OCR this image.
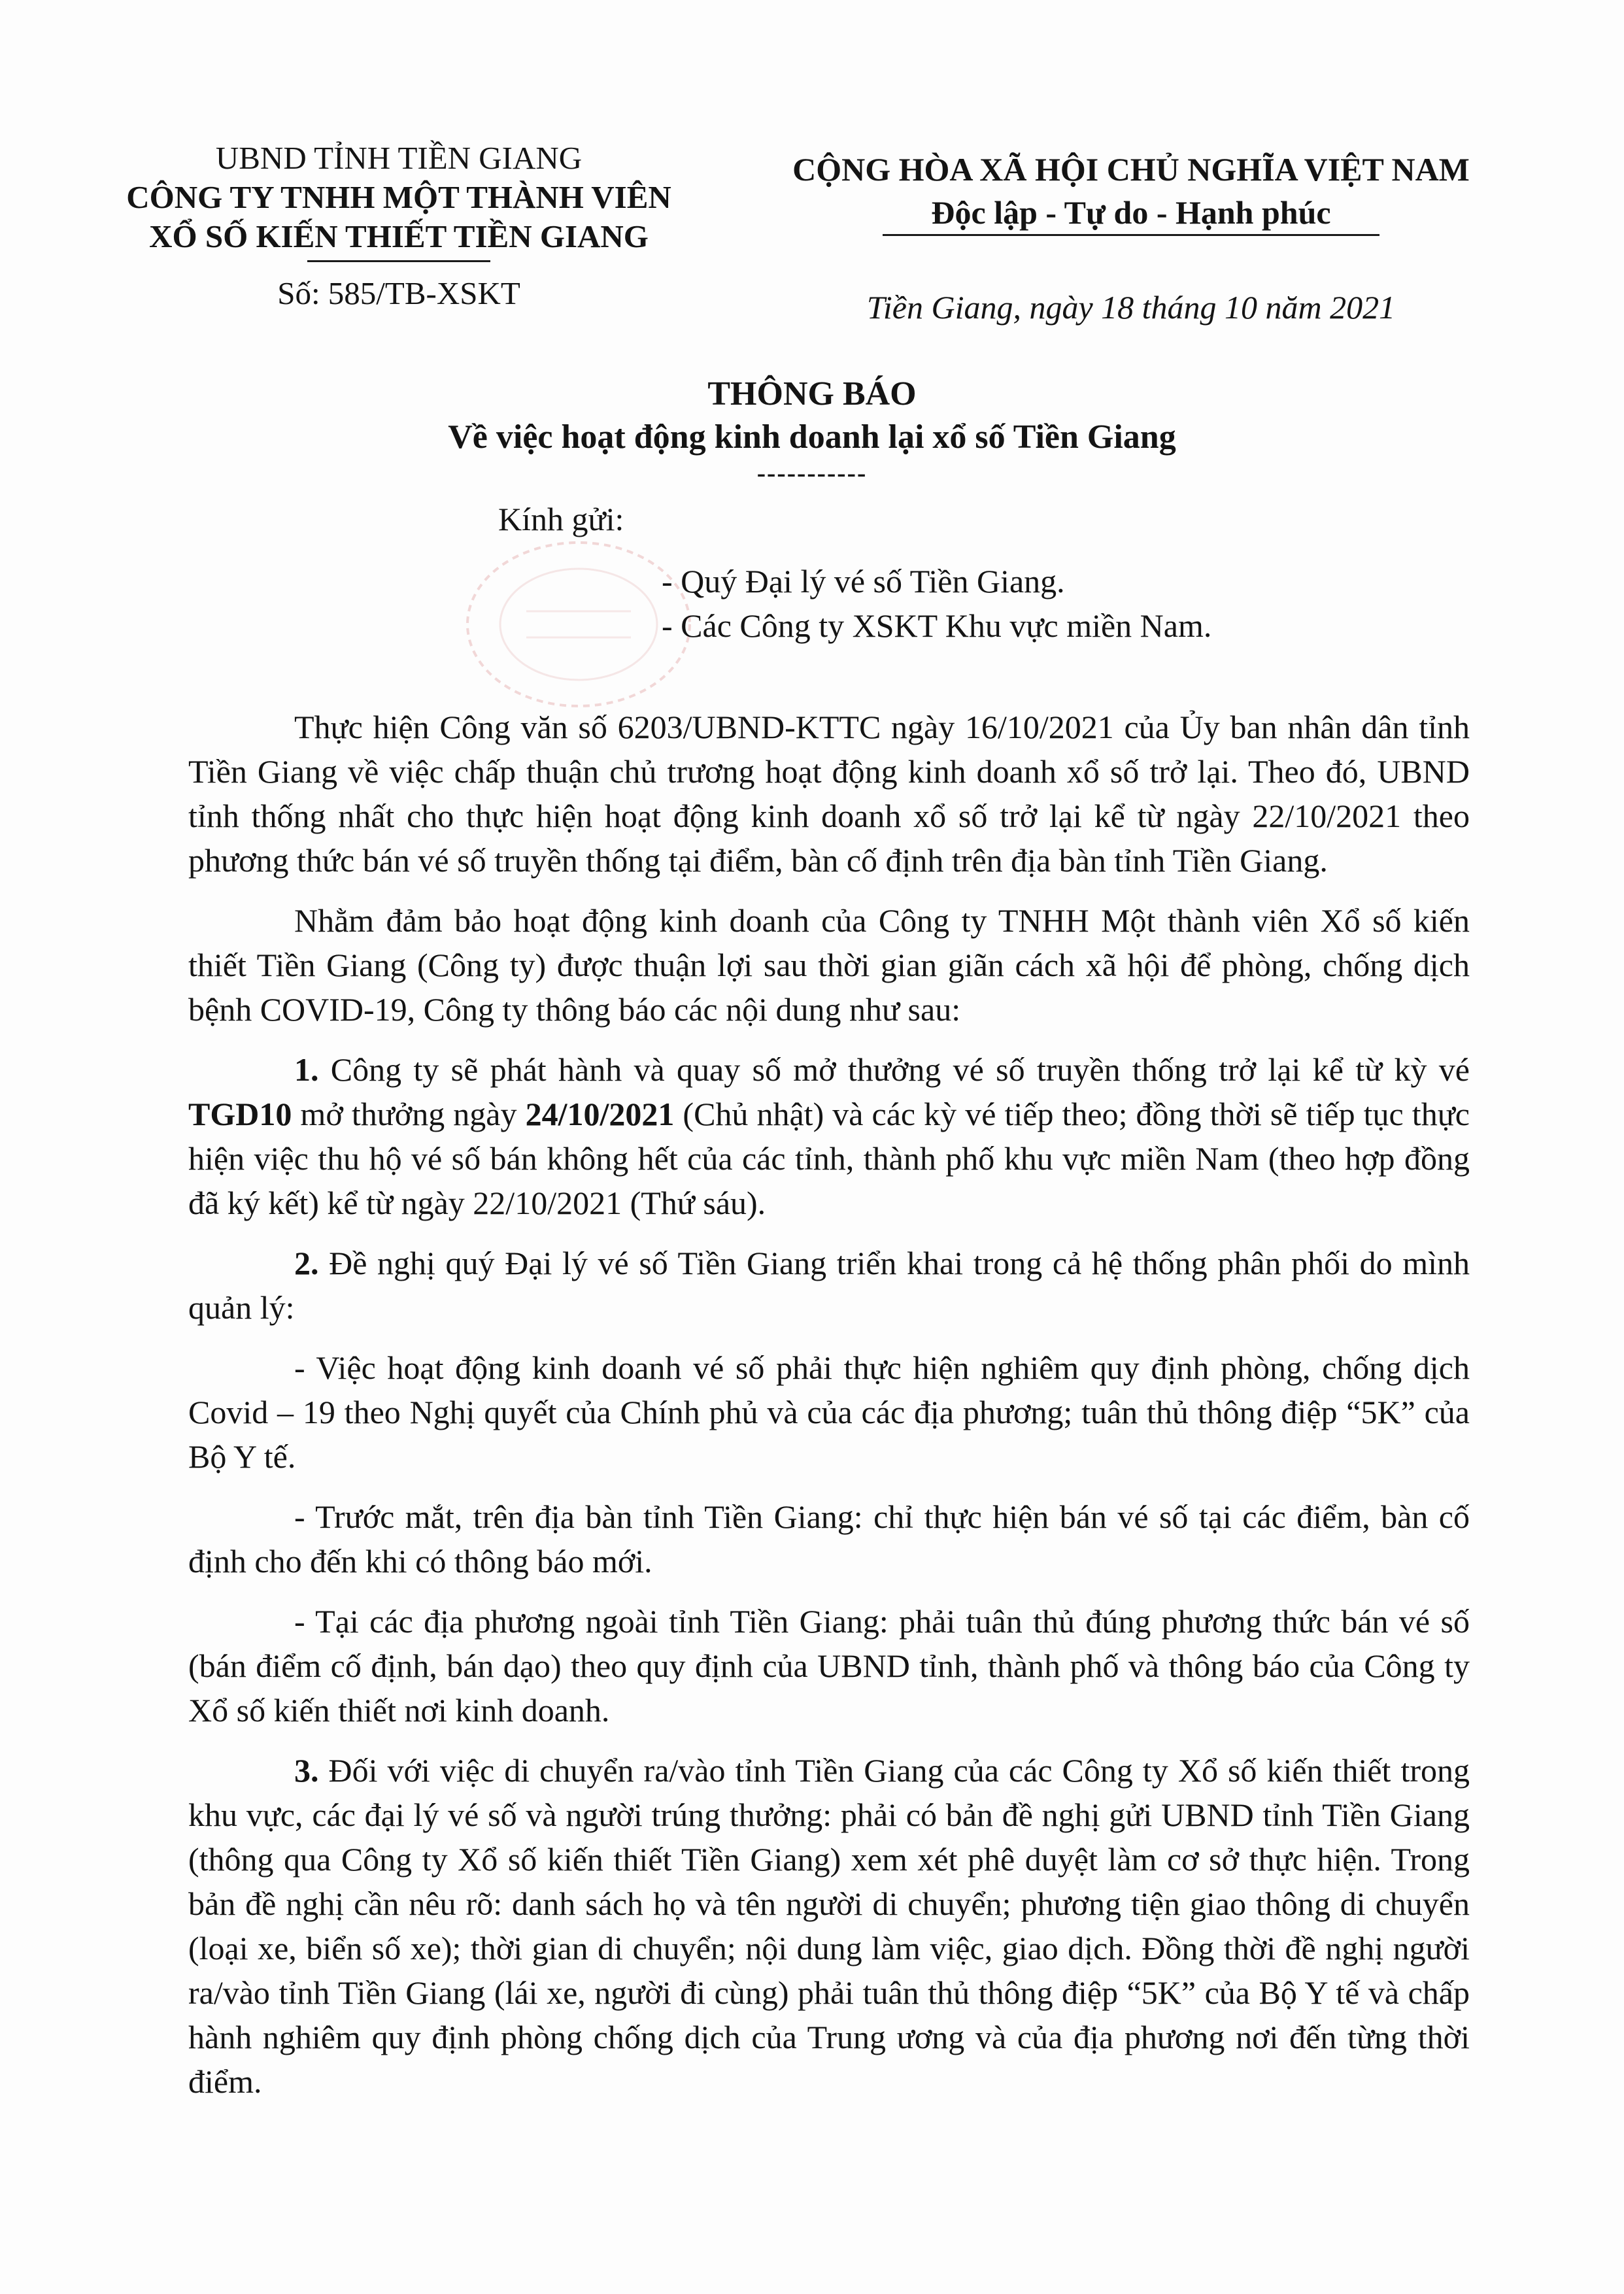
UBND TỈNH TIỀN GIANG
CÔNG TY TNHH MỘT THÀNH VIÊN
XỔ SỐ KIẾN THIẾT TIỀN GIANG
Số: 585/TB-XSKT
CỘNG HÒA XÃ HỘI CHỦ NGHĨA VIỆT NAM
Độc lập - Tự do - Hạnh phúc
Tiền Giang, ngày 18 tháng 10 năm 2021
THÔNG BÁO
Về việc hoạt động kinh doanh lại xổ số Tiền Giang
-----------
Kính gửi:
- Quý Đại lý vé số Tiền Giang.
- Các Công ty XSKT Khu vực miền Nam.

Thực hiện Công văn số 6203/UBND-KTTC ngày 16/10/2021 của Ủy ban nhân dân tỉnh Tiền Giang về việc chấp thuận chủ trương hoạt động kinh doanh xổ số trở lại. Theo đó, UBND tỉnh thống nhất cho thực hiện hoạt động kinh doanh xổ số trở lại kể từ ngày 22/10/2021 theo phương thức bán vé số truyền thống tại điểm, bàn cố định trên địa bàn tỉnh Tiền Giang.

Nhằm đảm bảo hoạt động kinh doanh của Công ty TNHH Một thành viên Xổ số kiến thiết Tiền Giang (Công ty) được thuận lợi sau thời gian giãn cách xã hội để phòng, chống dịch bệnh COVID-19, Công ty thông báo các nội dung như sau:

1. Công ty sẽ phát hành và quay số mở thưởng vé số truyền thống trở lại kể từ kỳ vé TGD10 mở thưởng ngày 24/10/2021 (Chủ nhật) và các kỳ vé tiếp theo; đồng thời sẽ tiếp tục thực hiện việc thu hộ vé số bán không hết của các tỉnh, thành phố khu vực miền Nam (theo hợp đồng đã ký kết) kể từ ngày 22/10/2021 (Thứ sáu).

2. Đề nghị quý Đại lý vé số Tiền Giang triển khai trong cả hệ thống phân phối do mình quản lý:

- Việc hoạt động kinh doanh vé số phải thực hiện nghiêm quy định phòng, chống dịch Covid – 19 theo Nghị quyết của Chính phủ và của các địa phương; tuân thủ thông điệp “5K” của Bộ Y tế.

- Trước mắt, trên địa bàn tỉnh Tiền Giang: chỉ thực hiện bán vé số tại các điểm, bàn cố định cho đến khi có thông báo mới.

- Tại các địa phương ngoài tỉnh Tiền Giang: phải tuân thủ đúng phương thức bán vé số (bán điểm cố định, bán dạo) theo quy định của UBND tỉnh, thành phố và thông báo của Công ty Xổ số kiến thiết nơi kinh doanh.

3. Đối với việc di chuyển ra/vào tỉnh Tiền Giang của các Công ty Xổ số kiến thiết trong khu vực, các đại lý vé số và người trúng thưởng: phải có bản đề nghị gửi UBND tỉnh Tiền Giang (thông qua Công ty Xổ số kiến thiết Tiền Giang) xem xét phê duyệt làm cơ sở thực hiện. Trong bản đề nghị cần nêu rõ: danh sách họ và tên người di chuyển; phương tiện giao thông di chuyển (loại xe, biển số xe); thời gian di chuyển; nội dung làm việc, giao dịch. Đồng thời đề nghị người ra/vào tỉnh Tiền Giang (lái xe, người đi cùng) phải tuân thủ thông điệp “5K” của Bộ Y tế và chấp hành nghiêm quy định phòng chống dịch của Trung ương và của địa phương nơi đến từng thời điểm.
